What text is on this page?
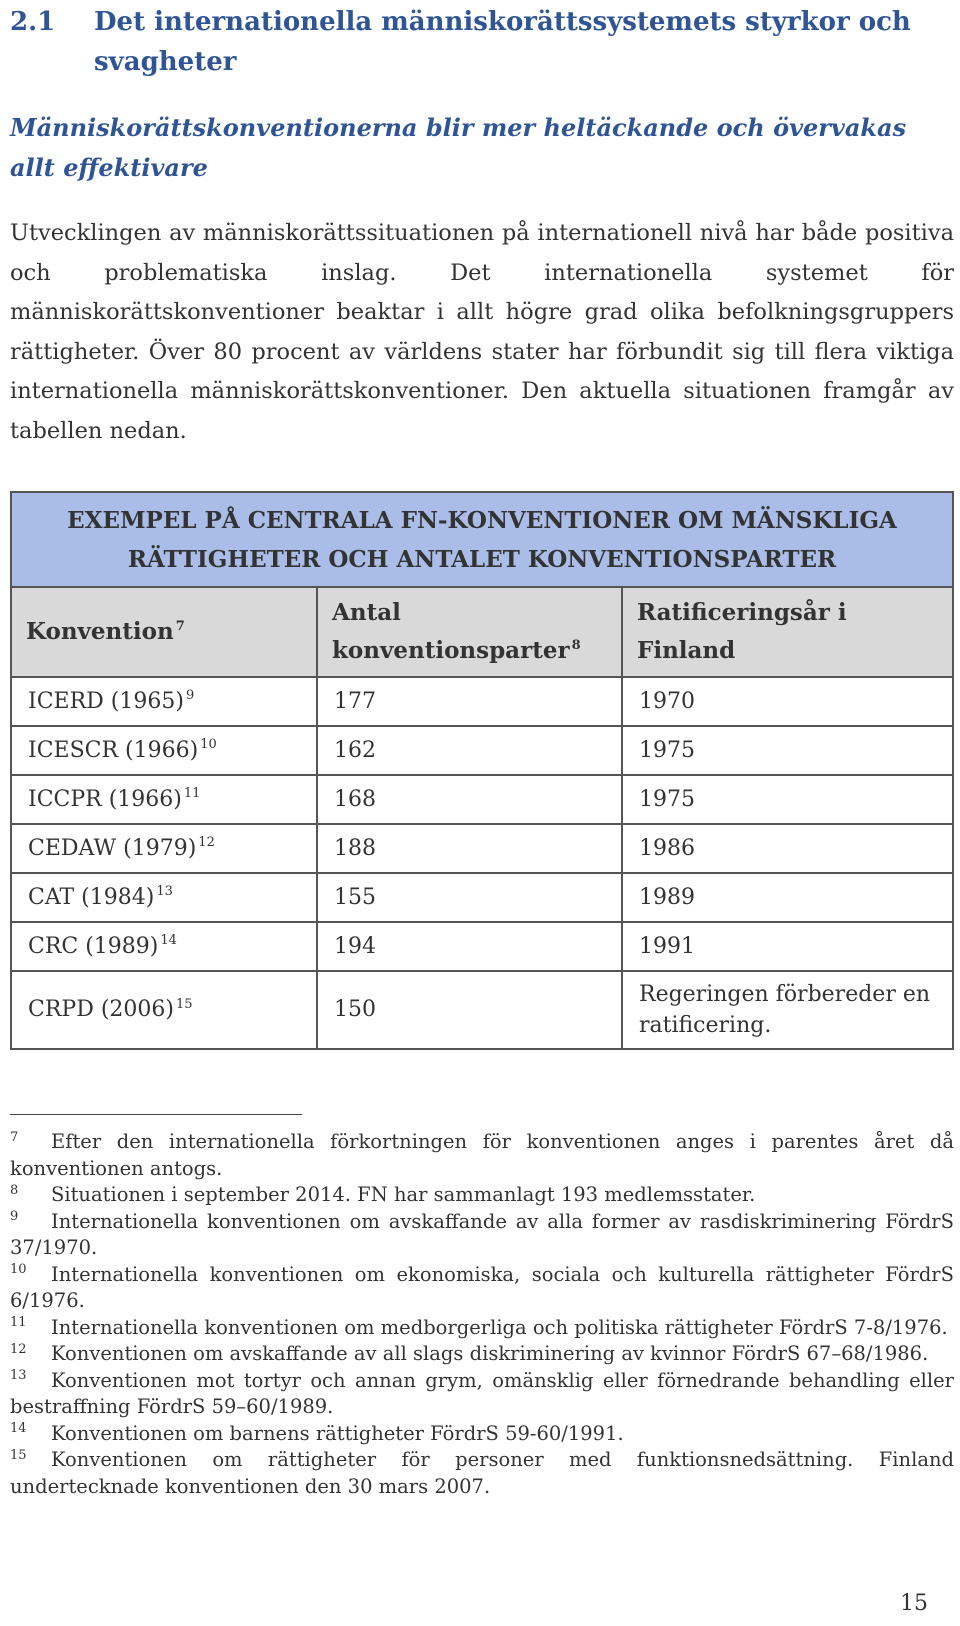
2.1	Det internationella människorättssystemets styrkor och svagheter
Människorättskonventionerna blir mer heltäckande och övervakas allt effektivare

Utvecklingen av människorättssituationen på internationell nivå har både positiva och problematiska inslag. Det internationella systemet för människorättskonventioner beaktar i allt högre grad olika befolkningsgruppers rättigheter. Över 80 procent av världens stater har förbundit sig till flera viktiga internationella människorättskonventioner. Den aktuella situationen framgår av tabellen nedan.

EXEMPEL PÅ CENTRALA FN-KONVENTIONER OM MÄNSKLIGA RÄTTIGHETER OCH ANTALET KONVENTIONSPARTER
Konvention $^7$	Antal konventionsparter $^8$	Ratificeringsår i Finland
ICERD (1965) $^9$	177	1970
ICESCR (1966) $^{10}$	162	1975
ICCPR (1966) $^{11}$	168	1975
CEDAW (1979) $^{12}$	188	1986
CAT (1984) $^{13}$	155	1989
CRC (1989) $^{14}$	194	1991
CRPD (2006) $^{15}$	150	Regeringen förbereder en ratificering.

7 Efter den internationella förkortningen för konventionen anges i parentes året då konventionen antogs.

8 Situationen i september 2014. FN har sammanlagt 193 medlemsstater.

9 Internationella konventionen om avskaffande av alla former av rasdiskriminering FördrS 37/1970.

10 Internationella konventionen om ekonomiska, sociala och kulturella rättigheter FördrS 6/1976.

11 Internationella konventionen om medborgerliga och politiska rättigheter FördrS 7-8/1976.

12 Konventionen om avskaffande av all slags diskriminering av kvinnor FördrS 67–68/1986.

13 Konventionen mot tortyr och annan grym, omänsklig eller förnedrande behandling eller bestraffning FördrS 59–60/1989.

14 Konventionen om barnens rättigheter FördrS 59-60/1991.

15 Konventionen om rättigheter för personer med funktionsnedsättning. Finland undertecknade konventionen den 30 mars 2007.

15
